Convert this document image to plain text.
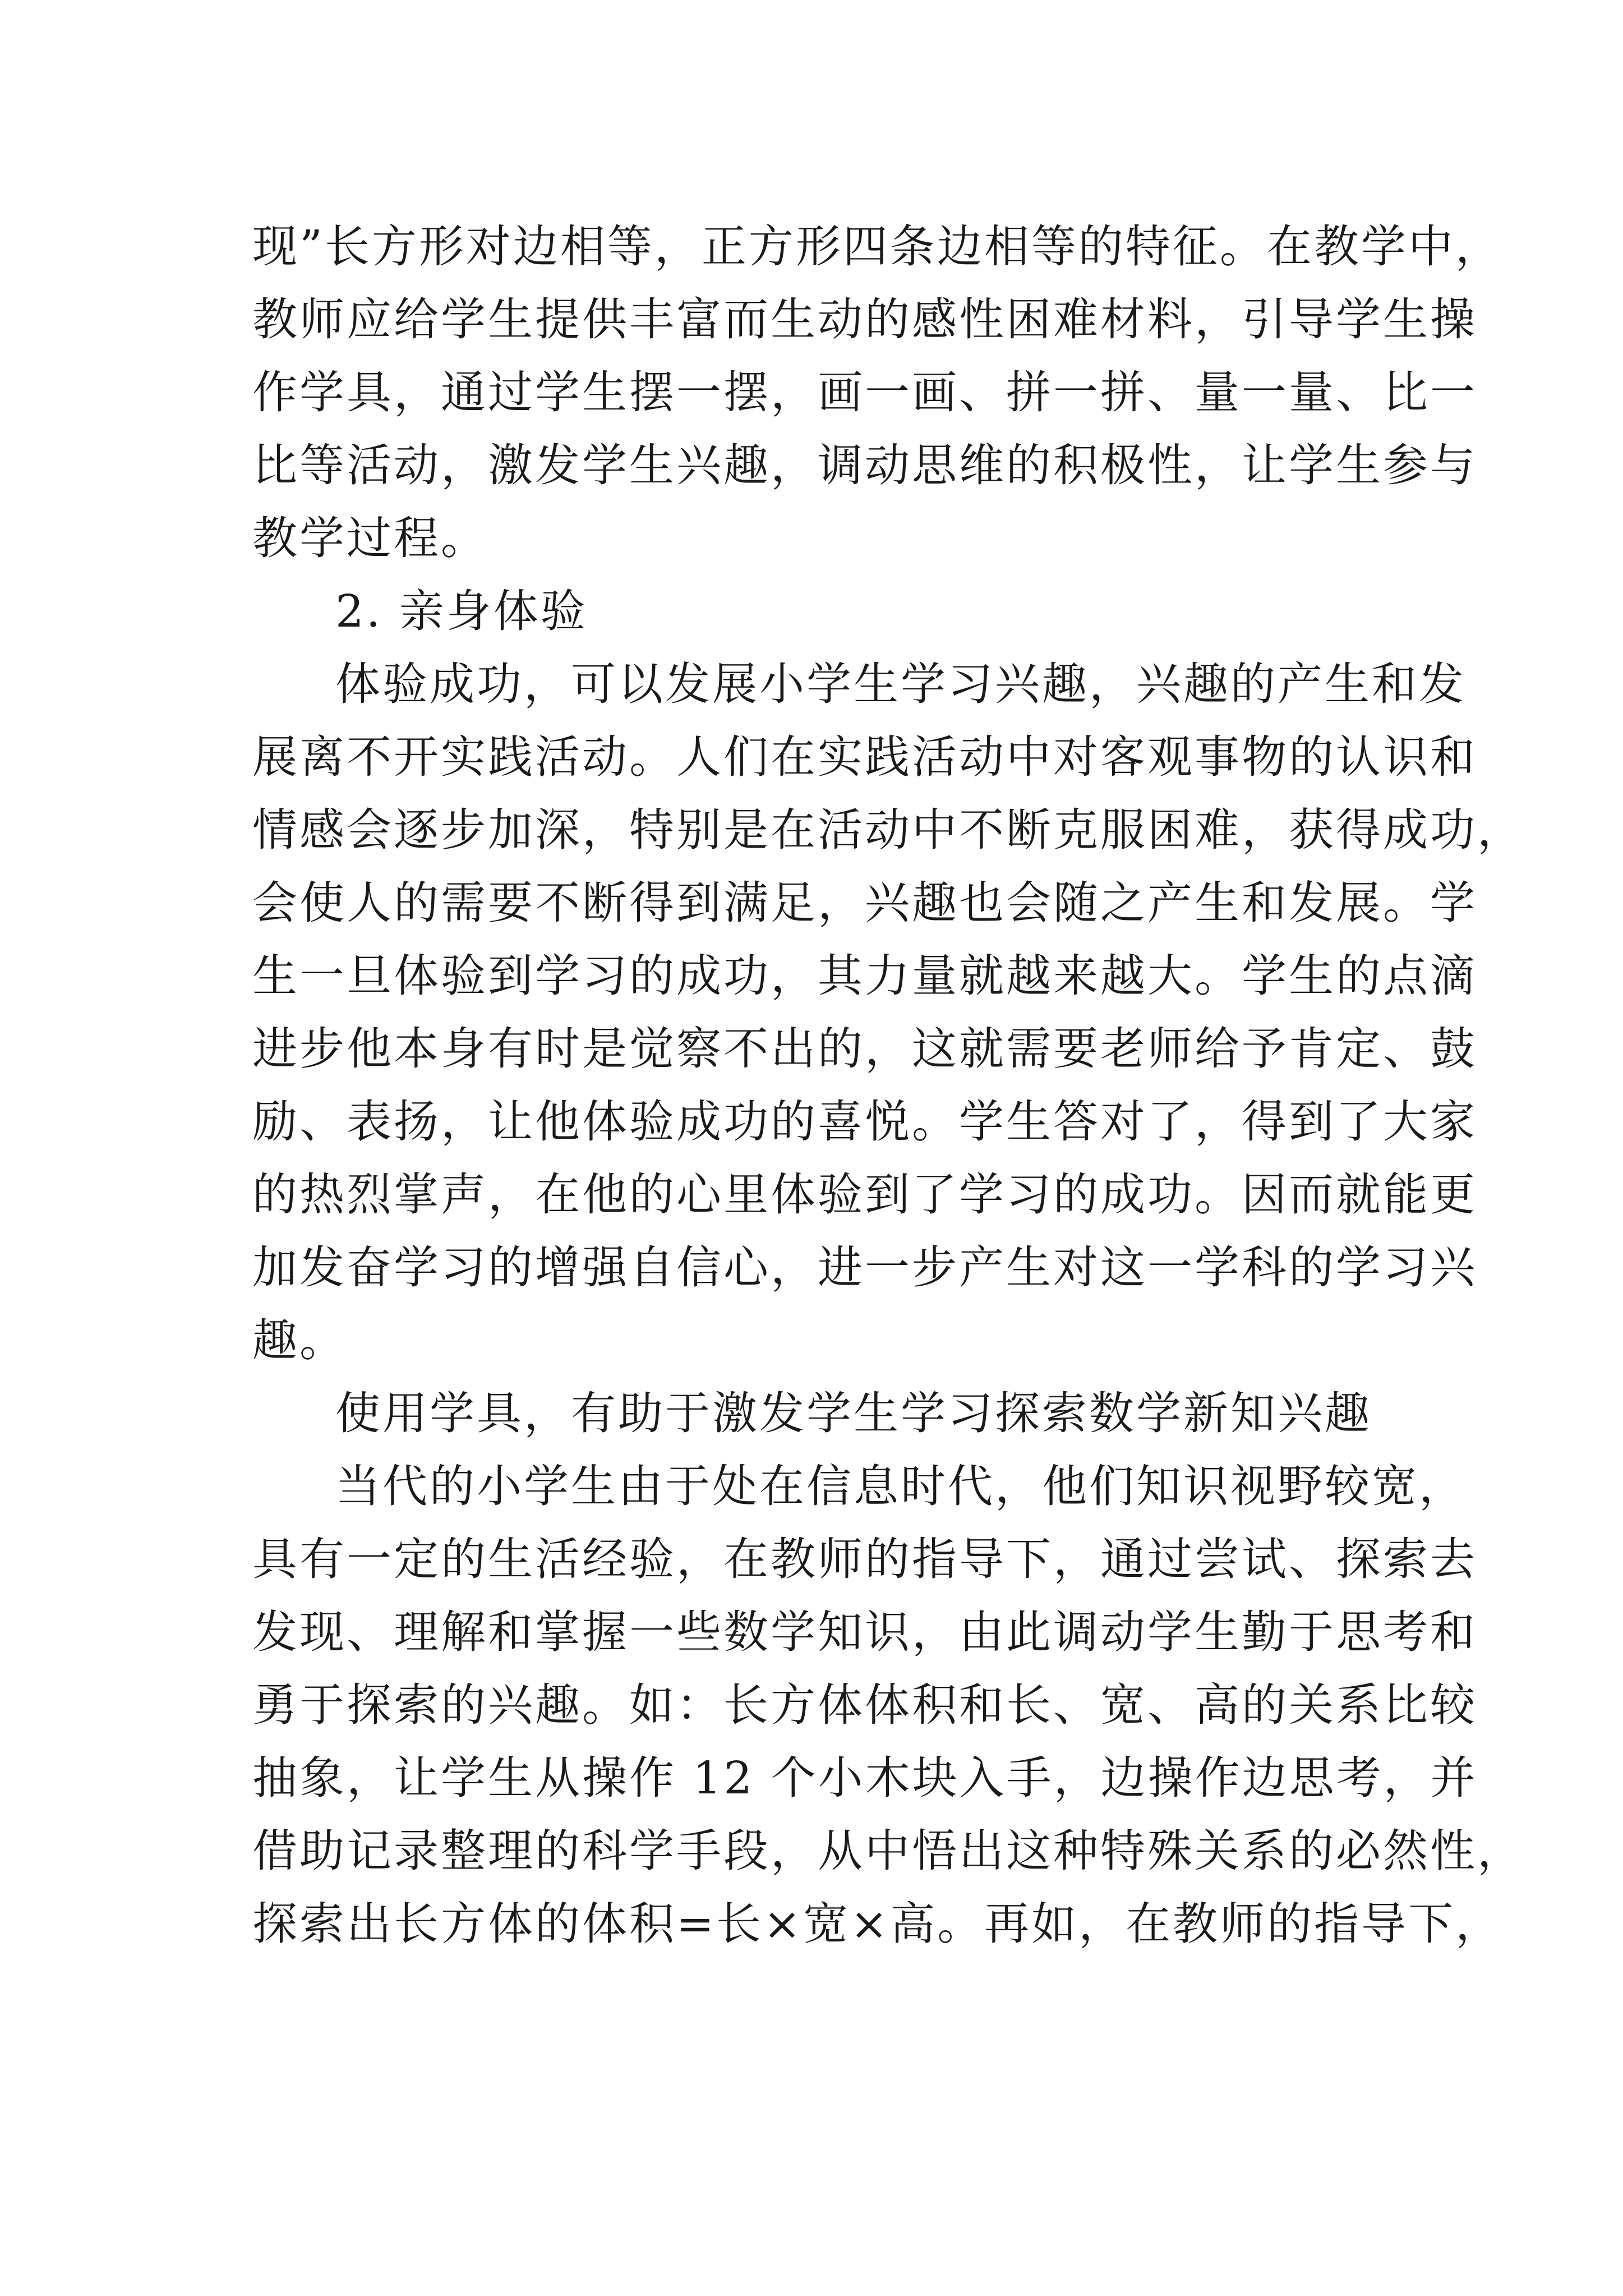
现”长方形对边相等，正方形四条边相等的特征。在教学中，
教师应给学生提供丰富而生动的感性困难材料，引导学生操
作学具，通过学生摆一摆，画一画、拼一拼、量一量、比一
比等活动，激发学生兴趣，调动思维的积极性，让学生参与
教学过程。
2. 亲身体验
体验成功，可以发展小学生学习兴趣，兴趣的产生和发
展离不开实践活动。人们在实践活动中对客观事物的认识和
情感会逐步加深，特别是在活动中不断克服困难，获得成功，
会使人的需要不断得到满足，兴趣也会随之产生和发展。学
生一旦体验到学习的成功，其力量就越来越大。学生的点滴
进步他本身有时是觉察不出的，这就需要老师给予肯定、鼓
励、表扬，让他体验成功的喜悦。学生答对了，得到了大家
的热烈掌声，在他的心里体验到了学习的成功。因而就能更
加发奋学习的增强自信心，进一步产生对这一学科的学习兴
趣。
使用学具，有助于激发学生学习探索数学新知兴趣
当代的小学生由于处在信息时代，他们知识视野较宽，
具有一定的生活经验，在教师的指导下，通过尝试、探索去
发现、理解和掌握一些数学知识，由此调动学生勤于思考和
勇于探索的兴趣。如：长方体体积和长、宽、高的关系比较
抽象，让学生从操作 12 个小木块入手，边操作边思考，并
借助记录整理的科学手段，从中悟出这种特殊关系的必然性，
探索出长方体的体积=长×宽×高。再如，在教师的指导下，
